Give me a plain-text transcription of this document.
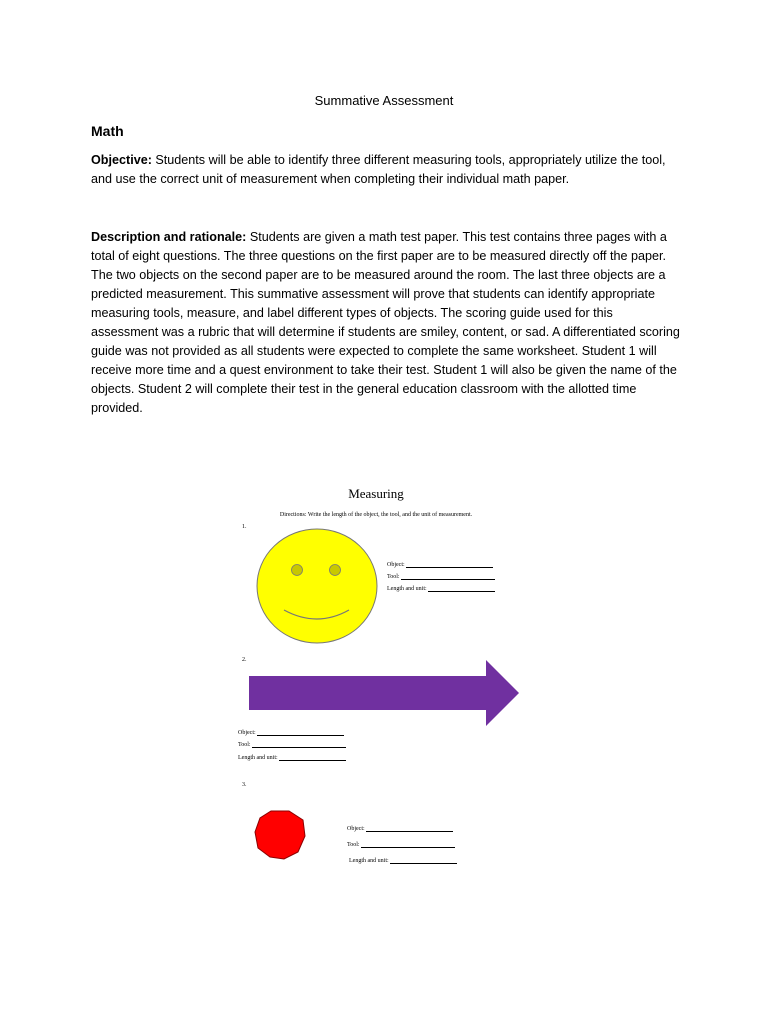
Summative Assessment
Math

Objective: Students will be able to identify three different measuring tools, appropriately utilize the tool, and use the correct unit of measurement when completing their individual math paper.

Description and rationale: Students are given a math test paper. This test contains three pages with a total of eight questions. The three questions on the first paper are to be measured directly off the paper. The two objects on the second paper are to be measured around the room. The last three objects are a predicted measurement. This summative assessment will prove that students can identify appropriate measuring tools, measure, and label different types of objects. The scoring guide used for this assessment was a rubric that will determine if students are smiley, content, or sad. A differentiated scoring guide was not provided as all students were expected to complete the same worksheet. Student 1 will receive more time and a quest environment to take their test. Student 1 will also be given the name of the objects. Student 2 will complete their test in the general education classroom with the allotted time provided.

Measuring
Directions: Write the length of the object, the tool, and the unit of measurement.
1.
Object:
Tool:
Length and unit:
2.
Object:
Tool:
Length and unit:
3.
Object:
Tool:
Length and unit:
